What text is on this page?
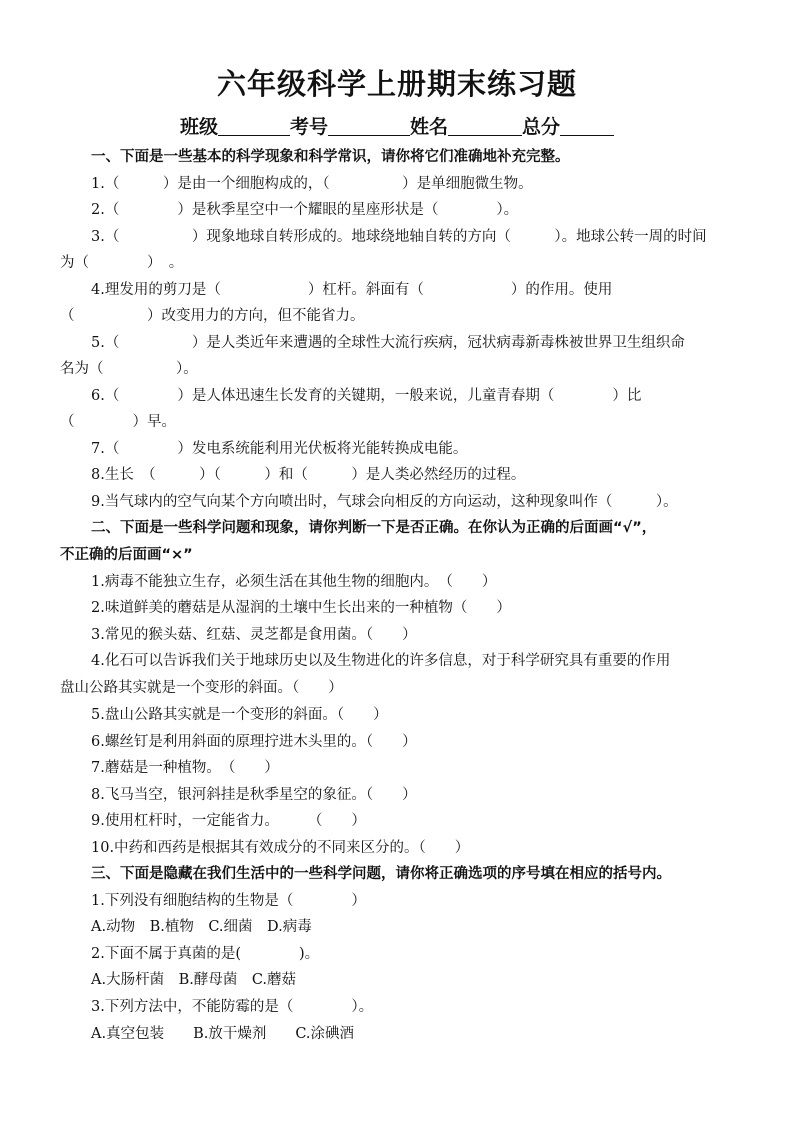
六年级科学上册期末练习题
班级	考号	姓名	总分
一、下面是一些基本的科学现象和科学常识，请你将它们准确地补充完整。
1.（　　　）是由一个细胞构成的，（　　　　　）是单细胞微生物。
2.（　　　　）是秋季星空中一个耀眼的星座形状是（　　　　）。
3.（　　　　　）现象地球自转形成的。地球绕地轴自转的方向（　　　）。地球公转一周的时间
为（　　　　）　。
4.理发用的剪刀是（　　　　　　）杠杆。斜面有（　　　　　　）的作用。使用
（　　　　　）改变用力的方向，但不能省力。
5.（　　　　　）是人类近年来遭遇的全球性大流行疾病，冠状病毒新毒株被世界卫生组织命
名为（　　　　　）。
6.（　　　　）是人体迅速生长发育的关键期，一般来说，儿童青春期（　　　　）比
（　　　　）早。
7.（　　　　）发电系统能利用光伏板将光能转换成电能。
8.生长　（　　　）（　　　）和（　　　）是人类必然经历的过程。
9.当气球内的空气向某个方向喷出时，气球会向相反的方向运动，这种现象叫作（　　　）。
二、下面是一些科学问题和现象，请你判断一下是否正确。在你认为正确的后面画“√”，
不正确的后面画“×”
1.病毒不能独立生存，必须生活在其他生物的细胞内。　（　　）
2.味道鲜美的蘑菇是从湿润的土壤中生长出来的一种植物（　　）
3.常见的猴头菇、红菇、灵芝都是食用菌。（　　）
4.化石可以告诉我们关于地球历史以及生物进化的许多信息，对于科学研究具有重要的作用
盘山公路其实就是一个变形的斜面。（　　）
5.盘山公路其实就是一个变形的斜面。（　　）
6.螺丝钉是利用斜面的原理拧进木头里的。（　　）
7.蘑菇是一种植物。　（　　）
8.飞马当空，银河斜挂是秋季星空的象征。（　　）
9.使用杠杆时，一定能省力。　　　（　　）
10.中药和西药是根据其有效成分的不同来区分的。（　　）
三、下面是隐藏在我们生活中的一些科学问题，请你将正确选项的序号填在相应的括号内。
1.下列没有细胞结构的生物是（　　　　）
A.动物　B.植物　C.细菌　D.病毒
2.下面不属于真菌的是(　　　　)。
A.大肠杆菌　B.酵母菌　C.蘑菇
3.下列方法中，不能防霉的是（　　　　）。
A.真空包装　　B.放干燥剂　　C.涂碘酒
